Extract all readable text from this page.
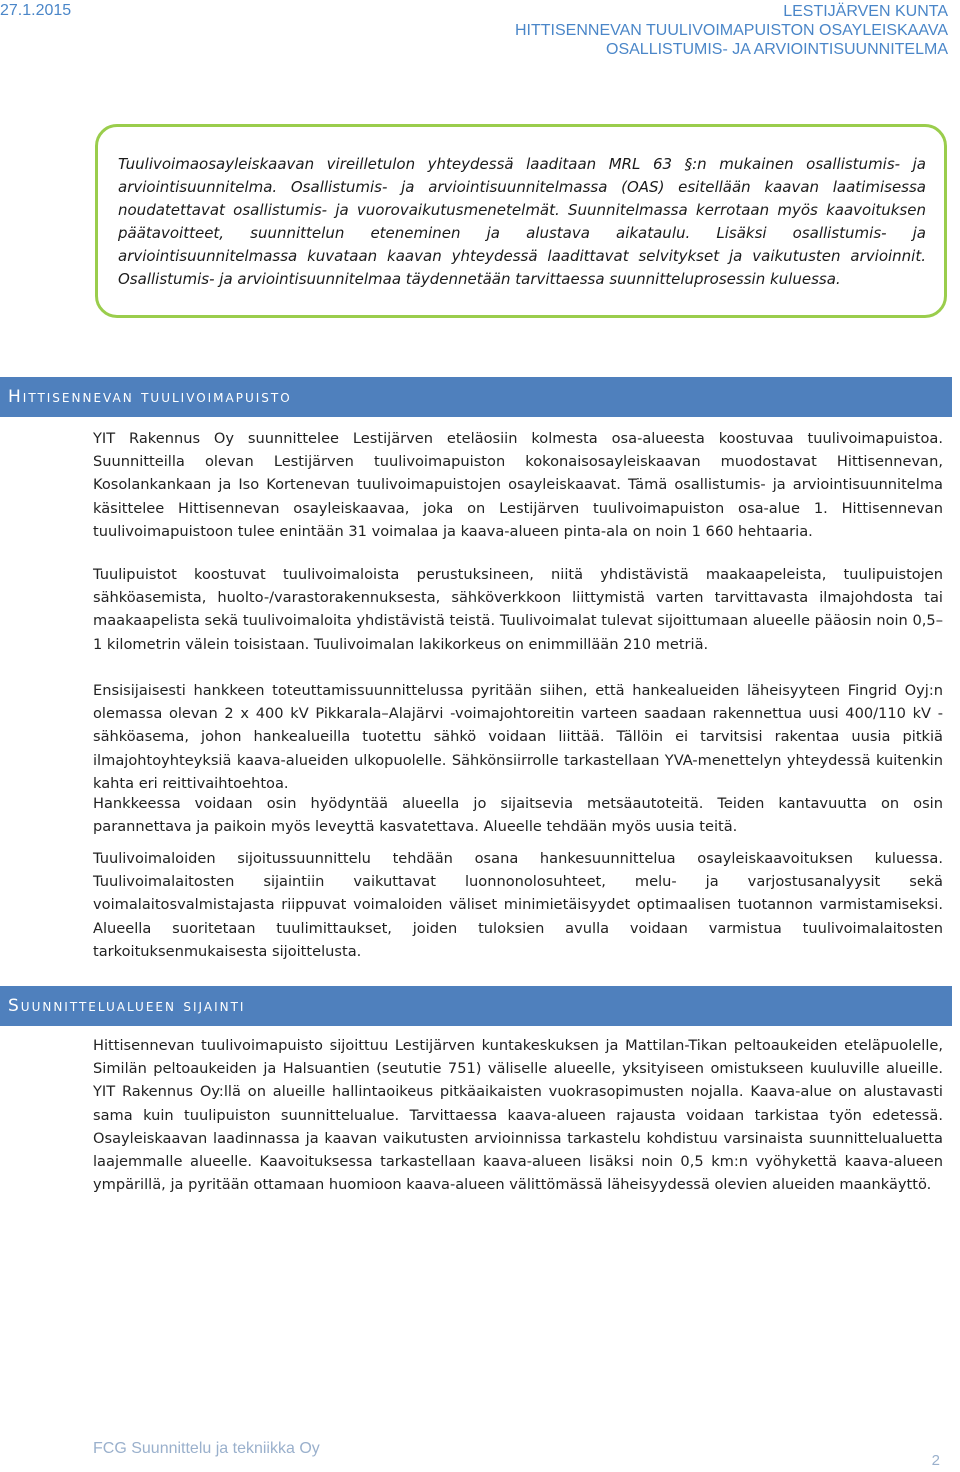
27.1.2015	LESTIJÄRVEN KUNTA
HITTISENNEVAN TUULIVOIMAPUISTON OSAYLEISKAAVA
OSALLISTUMIS- JA ARVIOINTISUUNNITELMA

Tuulivoimaosayleiskaavan vireilletulon yhteydessä laaditaan MRL 63 §:n mukainen osallistumis- ja arviointisuunnitelma. Osallistumis- ja arviointisuunnitelmassa (OAS) esitellään kaavan laatimisessa noudatettavat osallistumis- ja vuorovaikutusmenetelmät. Suunnitelmassa kerrotaan myös kaavoituksen päätavoitteet, suunnittelun eteneminen ja alustava aikataulu. Lisäksi osallistumis- ja arviointisuunnitelmassa kuvataan kaavan yhteydessä laadittavat selvitykset ja vaikutusten arvioinnit. Osallistumis- ja arviointisuunnitelmaa täydennetään tarvittaessa suunnitteluprosessin kuluessa.

Hittisennevan tuulivoimapuisto

YIT Rakennus Oy suunnittelee Lestijärven eteläosiin kolmesta osa-alueesta koostuvaa tuulivoimapuistoa. Suunnitteilla olevan Lestijärven tuulivoimapuiston kokonaisosayleiskaavan muodostavat Hittisennevan, Kosolankankaan ja Iso Kortenevan tuulivoimapuistojen osayleiskaavat. Tämä osallistumis- ja arviointisuunnitelma käsittelee Hittisennevan osayleiskaavaa, joka on Lestijärven tuulivoimapuiston osa-alue 1. Hittisennevan tuulivoimapuistoon tulee enintään 31 voimalaa ja kaava-alueen pinta-ala on noin 1 660 hehtaaria.

Tuulipuistot koostuvat tuulivoimaloista perustuksineen, niitä yhdistävistä maakaapeleista, tuulipuistojen sähköasemista, huolto-/varastorakennuksesta, sähköverkkoon liittymistä varten tarvittavasta ilmajohdosta tai maakaapelista sekä tuulivoimaloita yhdistävistä teistä. Tuulivoimalat tulevat sijoittumaan alueelle pääosin noin 0,5–1 kilometrin välein toisistaan. Tuulivoimalan lakikorkeus on enimmillään 210 metriä.

Ensisijaisesti hankkeen toteuttamissuunnittelussa pyritään siihen, että hankealueiden läheisyyteen Fingrid Oyj:n olemassa olevan 2 x 400 kV Pikkarala–Alajärvi -voimajohtoreitin varteen saadaan rakennettua uusi 400/110 kV -sähköasema, johon hankealueilla tuotettu sähkö voidaan liittää. Tällöin ei tarvitsisi rakentaa uusia pitkiä ilmajohtoyhteyksiä kaava-alueiden ulkopuolelle. Sähkönsiirrolle tarkastellaan YVA-menettelyn yhteydessä kuitenkin kahta eri reittivaihtoehtoa.

Hankkeessa voidaan osin hyödyntää alueella jo sijaitsevia metsäautoteitä. Teiden kantavuutta on osin parannettava ja paikoin myös leveyttä kasvatettava. Alueelle tehdään myös uusia teitä.

Tuulivoimaloiden sijoitussuunnittelu tehdään osana hankesuunnittelua osayleiskaavoituksen kuluessa. Tuulivoimalaitosten sijaintiin vaikuttavat luonnonolosuhteet, melu- ja varjostusanalyysit sekä voimalaitosvalmistajasta riippuvat voimaloiden väliset minimietäisyydet optimaalisen tuotannon varmistamiseksi. Alueella suoritetaan tuulimittaukset, joiden tuloksien avulla voidaan varmistua tuulivoimalaitosten tarkoituksenmukaisesta sijoittelusta.

Suunnittelualueen sijainti

Hittisennevan tuulivoimapuisto sijoittuu Lestijärven kuntakeskuksen ja Mattilan-Tikan peltoaukeiden eteläpuolelle, Similän peltoaukeiden ja Halsuantien (seututie 751) väliselle alueelle, yksityiseen omistukseen kuuluville alueille. YIT Rakennus Oy:llä on alueille hallintaoikeus pitkäaikaisten vuokrasopimusten nojalla. Kaava-alue on alustavasti sama kuin tuulipuiston suunnittelualue. Tarvittaessa kaava-alueen rajausta voidaan tarkistaa työn edetessä. Osayleiskaavan laadinnassa ja kaavan vaikutusten arvioinnissa tarkastelu kohdistuu varsinaista suunnittelualuetta laajemmalle alueelle. Kaavoituksessa tarkastellaan kaava-alueen lisäksi noin 0,5 km:n vyöhykettä kaava-alueen ympärillä, ja pyritään ottamaan huomioon kaava-alueen välittömässä läheisyydessä olevien alueiden maankäyttö.

FCG Suunnittelu ja tekniikka Oy
2
